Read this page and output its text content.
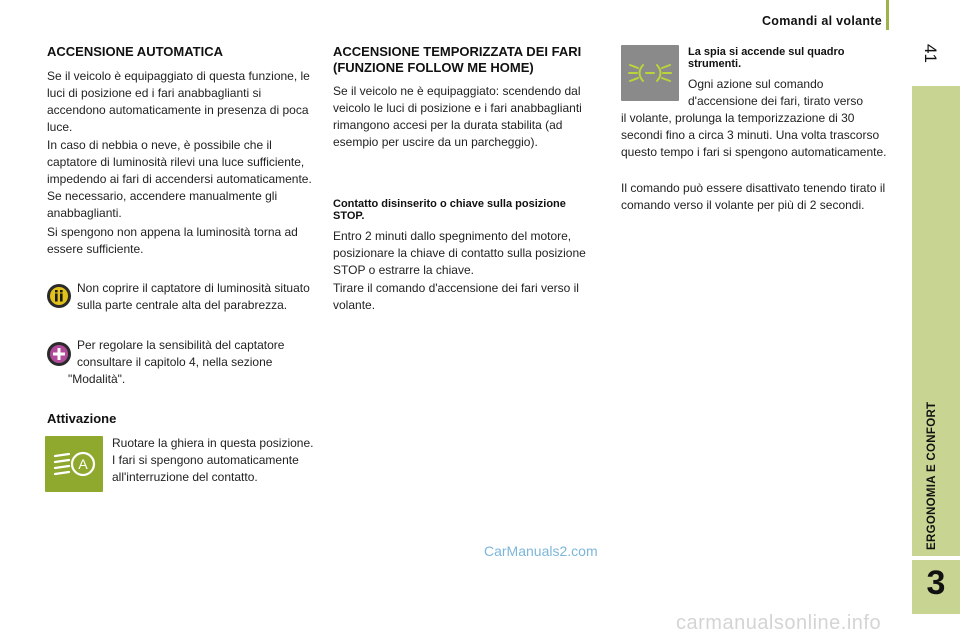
Comandi al volante
41
ERGONOMIA E CONFORT
3
ACCENSIONE AUTOMATICA
Se il veicolo è equipaggiato di questa funzione, le luci di posizione ed i fari anabbaglianti si accendono automaticamente in presenza di poca luce.
In caso di nebbia o neve, è possibile che il captatore di luminosità rilevi una luce sufficiente, impedendo ai fari di accendersi automaticamente. Se necessario, accendere manualmente gli anabbaglianti.
Si spengono non appena la luminosità torna ad essere sufficiente.
Non coprire il captatore di luminosità situato sulla parte centrale alta del parabrezza.
Per regolare la sensibilità del captatore consultare il capitolo 4, nella sezione
"Modalità".
Attivazione
A
Ruotare la ghiera in questa posizione. I fari si spengono automaticamente all'interruzione del contatto.
ACCENSIONE TEMPORIZZATA DEI FARI (FUNZIONE FOLLOW ME HOME)
Se il veicolo ne è equipaggiato: scendendo dal veicolo le luci di posizione e i fari anabbaglianti rimangono accesi per la durata stabilita (ad esempio per uscire da un parcheggio).
Contatto disinserito o chiave sulla posizione STOP.
Entro 2 minuti dallo spegnimento del motore, posizionare la chiave di contatto sulla posizione STOP o estrarre la chiave.
Tirare il comando d'accensione dei fari verso il volante.
La spia si accende sul quadro strumenti.
Ogni azione sul comando d'accensione dei fari, tirato verso
il volante, prolunga la temporizzazione di 30 secondi fino a circa 3 minuti. Una volta trascorso questo tempo i fari si spengono automaticamente.
Il comando può essere disattivato tenendo tirato il comando verso il volante per più di 2 secondi.
CarManuals2.com
carmanualsonline.info
